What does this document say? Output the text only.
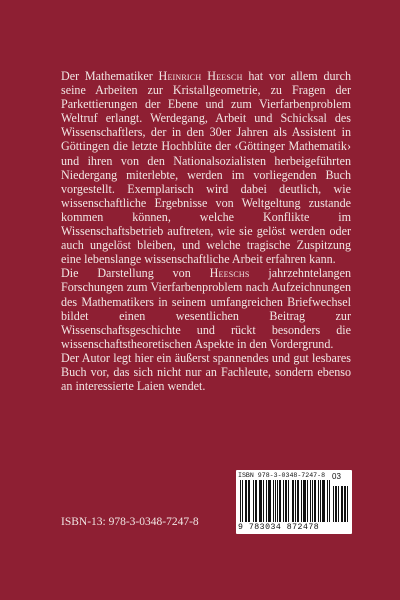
Der Mathematiker Heinrich Heesch hat vor allem durch seine Arbeiten zur Kristallgeometrie, zu Fragen der Parkettierungen der Ebene und zum Vierfarbenproblem Weltruf erlangt. Werdegang, Arbeit und Schicksal des Wissenschaftlers, der in den 30er Jahren als Assistent in Göttingen die letzte Hochblüte der ‹Göttinger Mathematik› und ihren von den Nationalsozialisten herbeigeführten Niedergang miterlebte, werden im vorliegenden Buch vorgestellt. Exemplarisch wird dabei deutlich, wie wissenschaftliche Ergebnisse von Weltgeltung zustande kommen können, welche Konflikte im Wissenschaftsbetrieb auftreten, wie sie gelöst werden oder auch ungelöst bleiben, und welche tragische Zuspitzung eine lebenslange wissenschaftliche Arbeit erfahren kann.

Die Darstellung von Heeschs jahrzehntelangen Forschungen zum Vierfarbenproblem nach Aufzeichnungen des Mathematikers in seinem umfangreichen Briefwechsel bildet einen wesentlichen Beitrag zur Wissenschaftsgeschichte und rückt besonders die wissenschaftstheoretischen Aspekte in den Vordergrund.

Der Autor legt hier ein äußerst spannendes und gut lesbares Buch vor, das sich nicht nur an Fachleute, sondern ebenso an interessierte Laien wendet.

ISBN-13: 978-3-0348-7247-8
ISBN 978-3-0348-7247-8 03
9 783034 872478
